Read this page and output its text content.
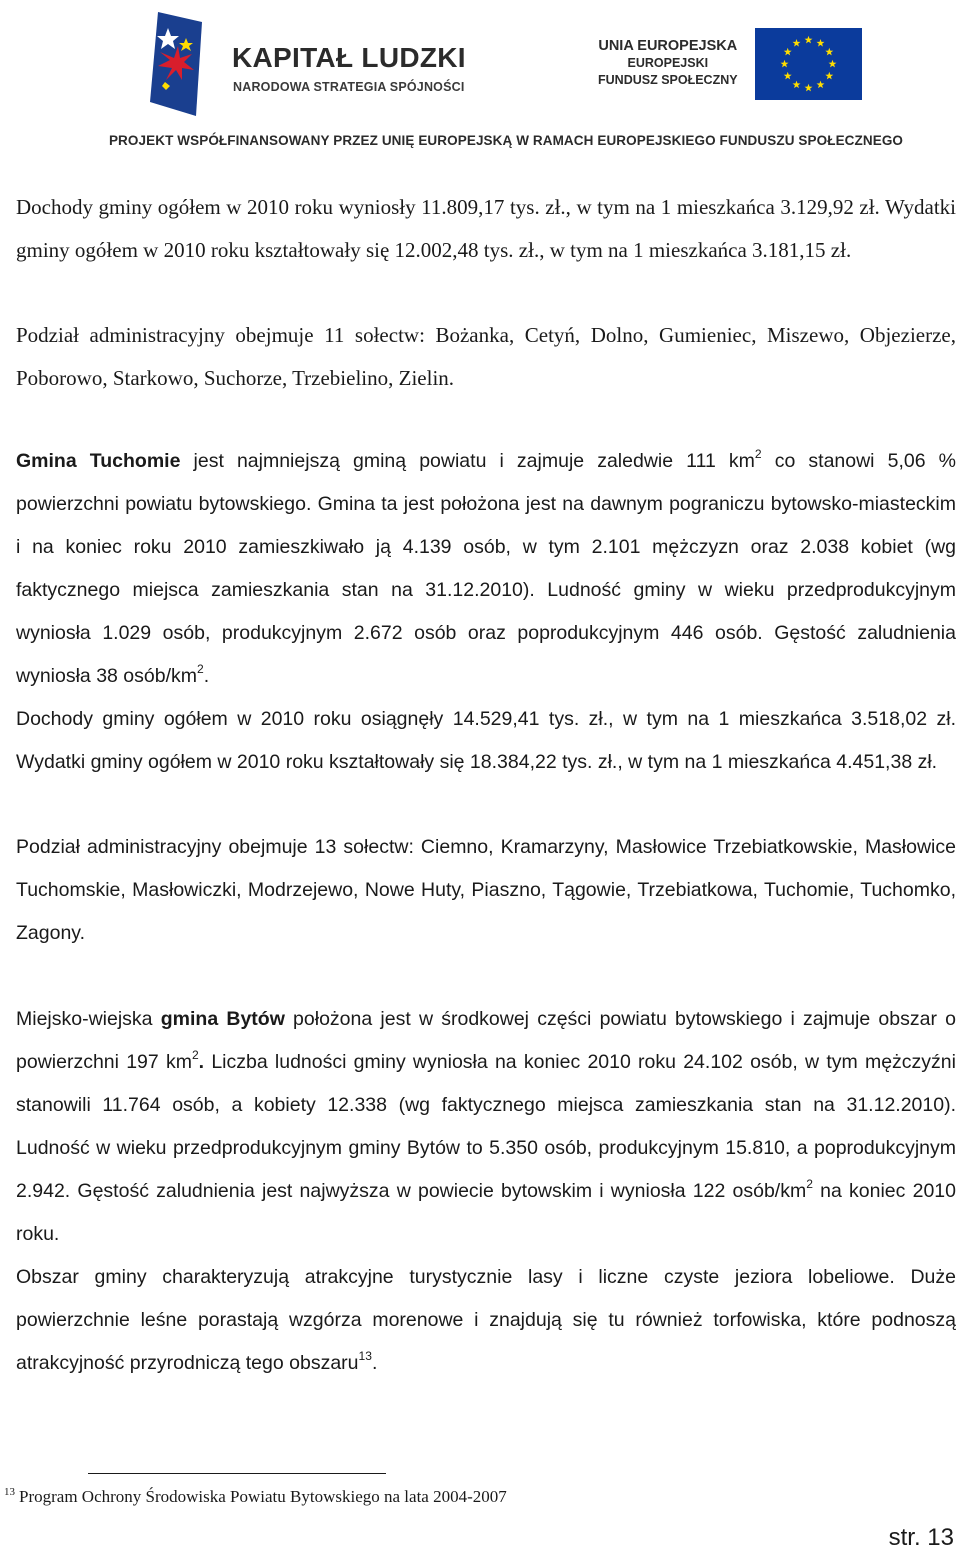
KAPITAŁ LUDZKI
NARODOWA STRATEGIA SPÓJNOŚCI
UNIA EUROPEJSKA
EUROPEJSKI
FUNDUSZ SPOŁECZNY
PROJEKT WSPÓŁFINANSOWANY PRZEZ UNIĘ EUROPEJSKĄ W RAMACH EUROPEJSKIEGO FUNDUSZU SPOŁECZNEGO

Dochody gminy ogółem w 2010 roku wyniosły 11.809,17 tys. zł., w tym na 1 mieszkańca 3.129,92 zł. Wydatki gminy ogółem w 2010 roku kształtowały się 12.002,48 tys. zł., w tym na 1 mieszkańca 3.181,15 zł.

Podział administracyjny obejmuje 11 sołectw: Bożanka, Cetyń, Dolno, Gumieniec, Miszewo, Objezierze, Poborowo, Starkowo, Suchorze, Trzebielino, Zielin.

Gmina Tuchomie jest najmniejszą gminą powiatu i zajmuje zaledwie 111 $km^2$ co stanowi 5,06 % powierzchni powiatu bytowskiego. Gmina ta jest położona jest na dawnym pograniczu bytowsko-miasteckim i na koniec roku 2010 zamieszkiwało ją 4.139 osób, w tym 2.101 mężczyzn oraz 2.038 kobiet (wg faktycznego miejsca zamieszkania stan na 31.12.2010). Ludność gminy w wieku przedprodukcyjnym wyniosła 1.029 osób, produkcyjnym 2.672 osób oraz poprodukcyjnym 446 osób. Gęstość zaludnienia wyniosła 38 osób/$km^2$.

Dochody gminy ogółem w 2010 roku osiągnęły 14.529,41 tys. zł., w tym na 1 mieszkańca 3.518,02 zł. Wydatki gminy ogółem w 2010 roku kształtowały się 18.384,22 tys. zł., w tym na 1 mieszkańca 4.451,38 zł.

Podział administracyjny obejmuje 13 sołectw: Ciemno, Kramarzyny, Masłowice Trzebiatkowskie, Masłowice Tuchomskie, Masłowiczki, Modrzejewo, Nowe Huty, Piaszno, Tągowie, Trzebiatkowa, Tuchomie, Tuchomko, Zagony.

Miejsko-wiejska gmina Bytów położona jest w środkowej części powiatu bytowskiego i zajmuje obszar o powierzchni 197 $km^2$. Liczba ludności gminy wyniosła na koniec 2010 roku 24.102 osób, w tym mężczyźni stanowili 11.764 osób, a kobiety 12.338 (wg faktycznego miejsca zamieszkania stan na 31.12.2010). Ludność w wieku przedprodukcyjnym gminy Bytów to 5.350 osób, produkcyjnym 15.810, a poprodukcyjnym 2.942. Gęstość zaludnienia jest najwyższa w powiecie bytowskim i wyniosła 122 osób/$km^2$ na koniec 2010 roku.

Obszar gminy charakteryzują atrakcyjne turystycznie lasy i liczne czyste jeziora lobeliowe. Duże powierzchnie leśne porastają wzgórza morenowe i znajdują się tu również torfowiska, które podnoszą atrakcyjność przyrodniczą tego obszaru$^{13}$.

$^{13}$ Program Ochrony Środowiska Powiatu Bytowskiego na lata 2004-2007
str. 13
